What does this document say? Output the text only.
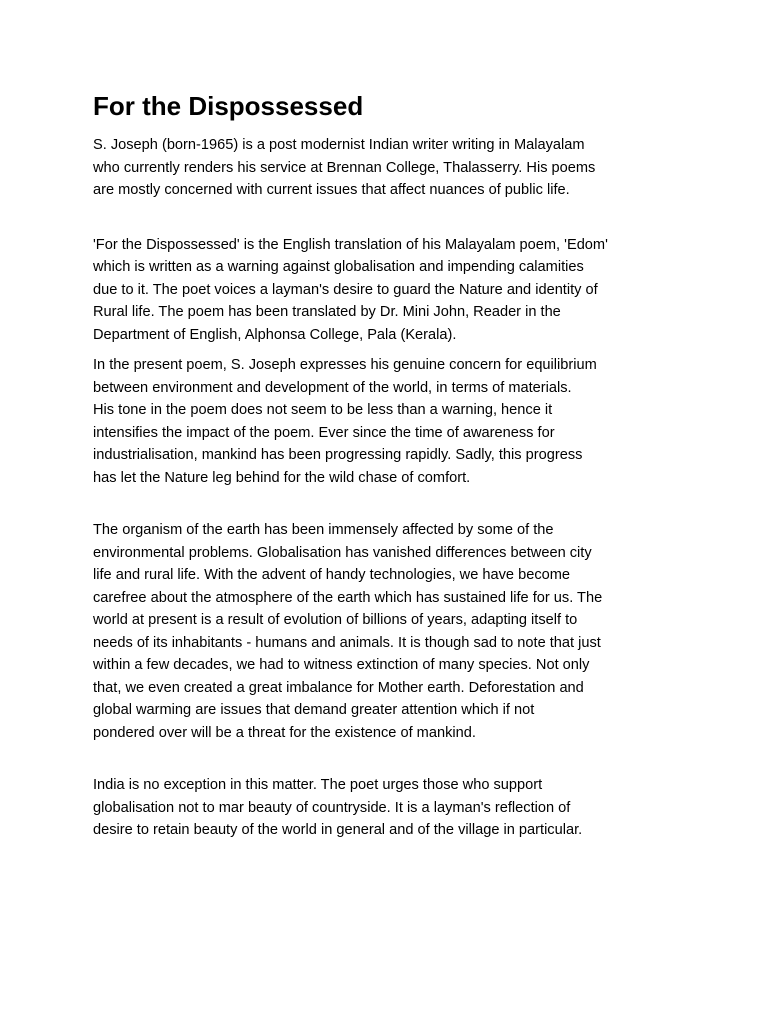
For the Dispossessed

S. Joseph (born-1965) is a post modernist Indian writer writing in Malayalam
who currently renders his service at Brennan College, Thalasserry. His poems
are mostly concerned with current issues that affect nuances of public life.

'For the Dispossessed' is the English translation of his Malayalam poem, 'Edom'
which is written as a warning against globalisation and impending calamities
due to it. The poet voices a layman's desire to guard the Nature and identity of
Rural life. The poem has been translated by Dr. Mini John, Reader in the
Department of English, Alphonsa College, Pala (Kerala).

In the present poem, S. Joseph expresses his genuine concern for equilibrium
between environment and development of the world, in terms of materials.
His tone in the poem does not seem to be less than a warning, hence it
intensifies the impact of the poem. Ever since the time of awareness for
industrialisation, mankind has been progressing rapidly. Sadly, this progress
has let the Nature leg behind for the wild chase of comfort.

The organism of the earth has been immensely affected by some of the
environmental problems. Globalisation has vanished differences between city
life and rural life. With the advent of handy technologies, we have become
carefree about the atmosphere of the earth which has sustained life for us. The
world at present is a result of evolution of billions of years, adapting itself to
needs of its inhabitants - humans and animals. It is though sad to note that just
within a few decades, we had to witness extinction of many species. Not only
that, we even created a great imbalance for Mother earth. Deforestation and
global warming are issues that demand greater attention which if not
pondered over will be a threat for the existence of mankind.

India is no exception in this matter. The poet urges those who support
globalisation not to mar beauty of countryside. It is a layman's reflection of
desire to retain beauty of the world in general and of the village in particular.
